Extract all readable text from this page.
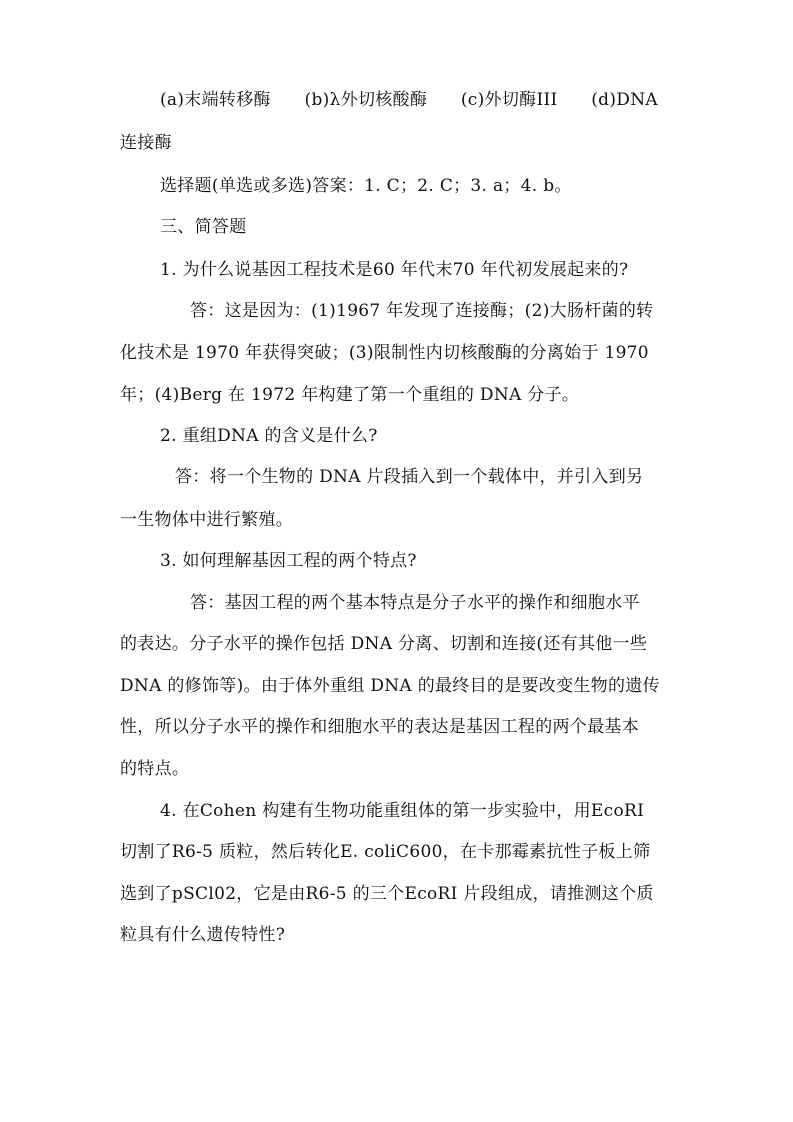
(a)末端转移酶 (b)λ外切核酸酶 (c)外切酶III (d)DNA
连接酶
选择题(单选或多选)答案：1. C；2. C；3. a；4. b。
三、简答题
1. 为什么说基因工程技术是60 年代末70 年代初发展起来的?
答：这是因为：(1)1967 年发现了连接酶；(2)大肠杆菌的转
化技术是 1970 年获得突破；(3)限制性内切核酸酶的分离始于 1970
年；(4)Berg 在 1972 年构建了第一个重组的 DNA 分子。
2. 重组DNA 的含义是什么?
答：将一个生物的 DNA 片段插入到一个载体中，并引入到另
一生物体中进行繁殖。
3. 如何理解基因工程的两个特点?
答：基因工程的两个基本特点是分子水平的操作和细胞水平
的表达。分子水平的操作包括 DNA 分离、切割和连接(还有其他一些
DNA 的修饰等)。由于体外重组 DNA 的最终目的是要改变生物的遗传
性，所以分子水平的操作和细胞水平的表达是基因工程的两个最基本
的特点。
4. 在Cohen 构建有生物功能重组体的第一步实验中，用EcoRI
切割了R6-5 质粒，然后转化E. coliC600，在卡那霉素抗性子板上筛
选到了pSCl02，它是由R6-5 的三个EcoRI 片段组成，请推测这个质
粒具有什么遗传特性?
